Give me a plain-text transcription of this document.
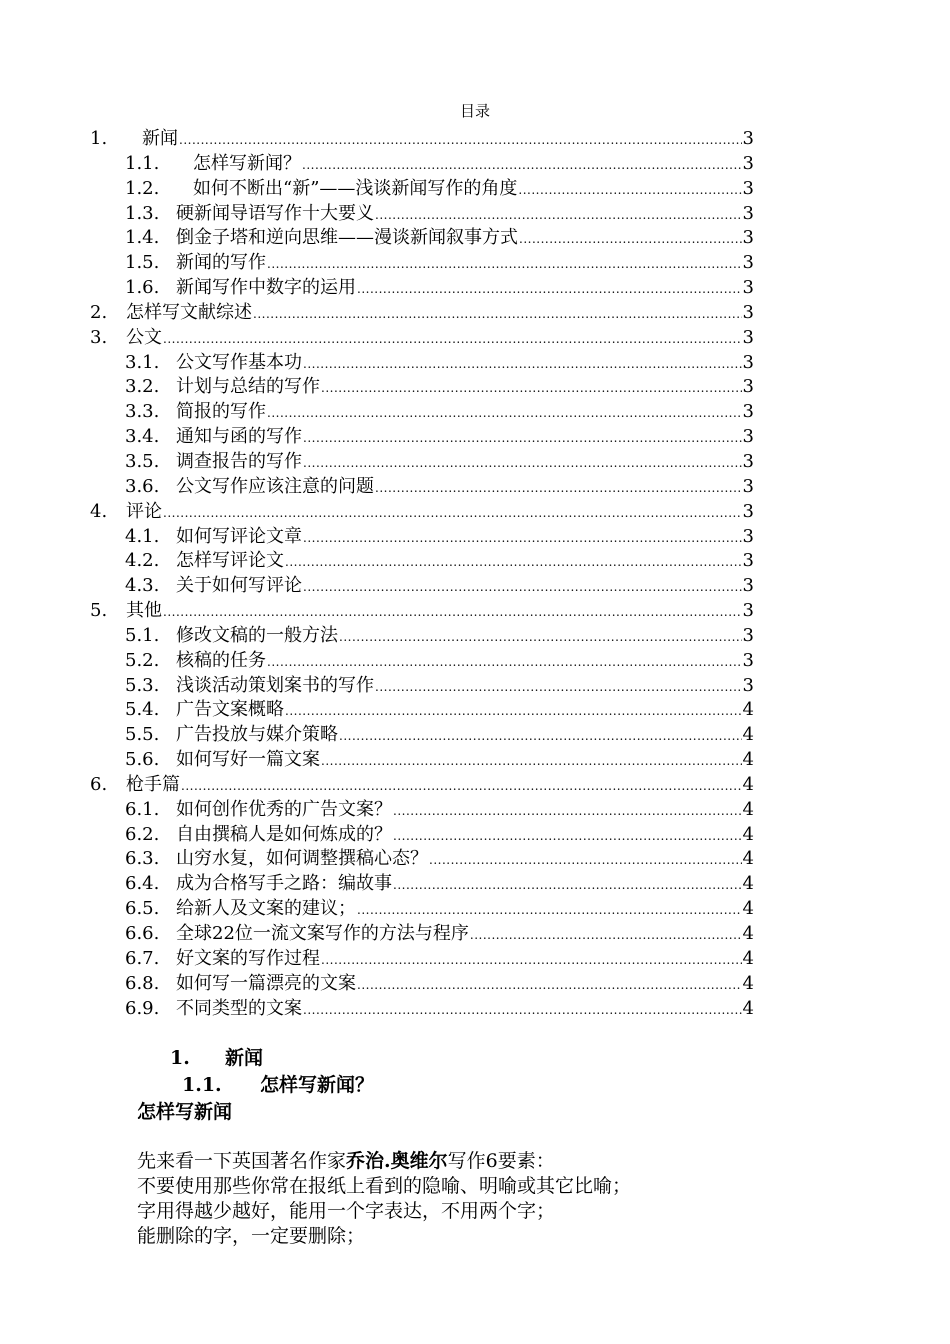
目录
1.	新闻 .....	3
1.1.	怎样写新闻？ .....	3
1.2.	如何不断出“新”——浅谈新闻写作的角度 .....	3
1.3. 硬新闻导语写作十大要义 .....	3
1.4. 倒金子塔和逆向思维——漫谈新闻叙事方式 .....	3
1.5. 新闻的写作 .....	3
1.6. 新闻写作中数字的运用 .....	3
2.	怎样写文献综述 .....	3
3.	公文 .....	3
3.1. 公文写作基本功 .....	3
3.2. 计划与总结的写作 .....	3
3.3. 简报的写作 .....	3
3.4. 通知与函的写作 .....	3
3.5. 调查报告的写作 .....	3
3.6. 公文写作应该注意的问题 .....	3
4.	评论 .....	3
4.1. 如何写评论文章 .....	3
4.2. 怎样写评论文 .....	3
4.3. 关于如何写评论 .....	3
5.	其他 .....	3
5.1. 修改文稿的一般方法 .....	3
5.2. 核稿的任务 .....	3
5.3. 浅谈活动策划案书的写作 .....	3
5.4. 广告文案概略 .....	4
5.5. 广告投放与媒介策略 .....	4
5.6. 如何写好一篇文案 .....	4
6.	枪手篇 .....	4
6.1. 如何创作优秀的广告文案？ .....	4
6.2. 自由撰稿人是如何炼成的？ .....	4
6.3. 山穷水复，如何调整撰稿心态？ .....	4
6.4. 成为合格写手之路：编故事 .....	4
6.5. 给新人及文案的建议； .....	4
6.6. 全球22位一流文案写作的方法与程序 .....	4
6.7. 好文案的写作过程 .....	4
6.8. 如何写一篇漂亮的文案 .....	4
6.9. 不同类型的文案 .....	4
1. 新闻
1.1. 怎样写新闻？
怎样写新闻
先来看一下英国著名作家乔治.奥维尔写作6要素：
不要使用那些你常在报纸上看到的隐喻、明喻或其它比喻；
字用得越少越好，能用一个字表达，不用两个字；
能删除的字，一定要删除；
